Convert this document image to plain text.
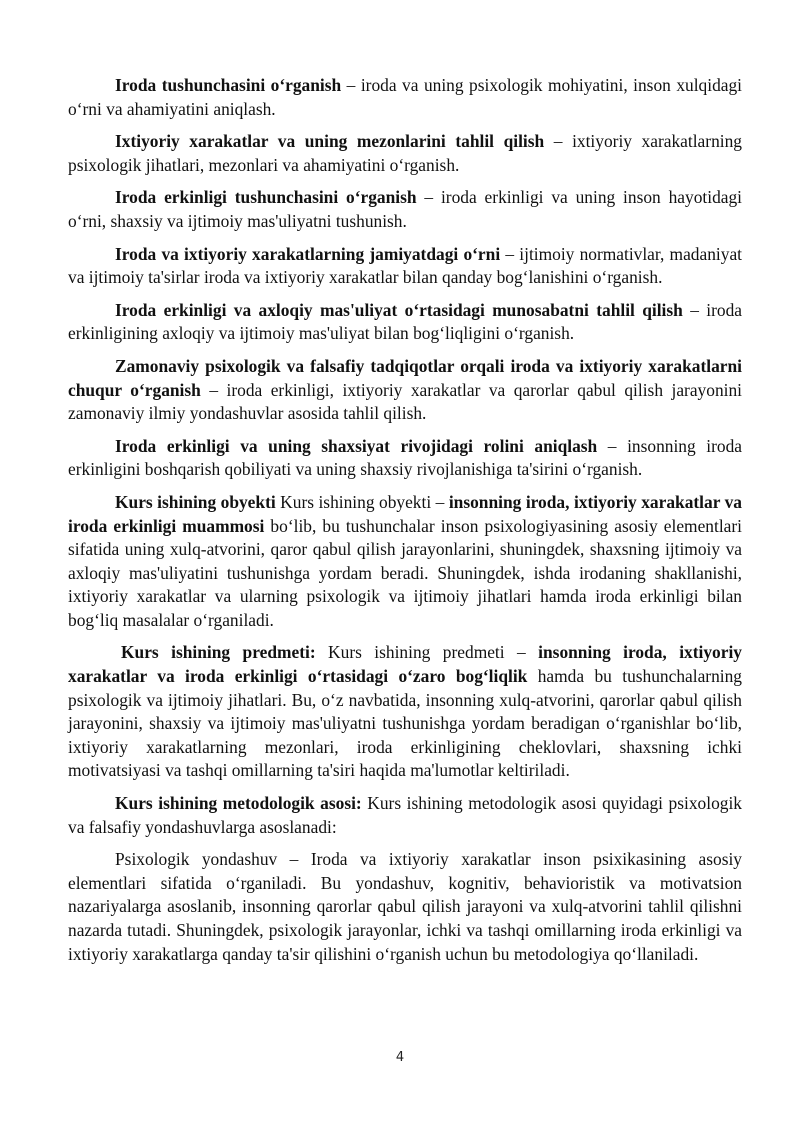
Iroda tushunchasini o‘rganish – iroda va uning psixologik mohiyatini, inson xulqidagi o‘rni va ahamiyatini aniqlash.

Ixtiyoriy xarakatlar va uning mezonlarini tahlil qilish – ixtiyoriy xarakatlarning psixologik jihatlari, mezonlari va ahamiyatini o‘rganish.

Iroda erkinligi tushunchasini o‘rganish – iroda erkinligi va uning inson hayotidagi o‘rni, shaxsiy va ijtimoiy mas'uliyatni tushunish.

Iroda va ixtiyoriy xarakatlarning jamiyatdagi o‘rni – ijtimoiy normativlar, madaniyat va ijtimoiy ta'sirlar iroda va ixtiyoriy xarakatlar bilan qanday bog‘lanishini o‘rganish.

Iroda erkinligi va axloqiy mas'uliyat o‘rtasidagi munosabatni tahlil qilish – iroda erkinligining axloqiy va ijtimoiy mas'uliyat bilan bog‘liqligini o‘rganish.

Zamonaviy psixologik va falsafiy tadqiqotlar orqali iroda va ixtiyoriy xarakatlarni chuqur o‘rganish – iroda erkinligi, ixtiyoriy xarakatlar va qarorlar qabul qilish jarayonini zamonaviy ilmiy yondashuvlar asosida tahlil qilish.

Iroda erkinligi va uning shaxsiyat rivojidagi rolini aniqlash – insonning iroda erkinligini boshqarish qobiliyati va uning shaxsiy rivojlanishiga ta'sirini o‘rganish.

Kurs ishining obyekti Kurs ishining obyekti – insonning iroda, ixtiyoriy xarakatlar va iroda erkinligi muammosi bo‘lib, bu tushunchalar inson psixologiyasining asosiy elementlari sifatida uning xulq-atvorini, qaror qabul qilish jarayonlarini, shuningdek, shaxsning ijtimoiy va axloqiy mas'uliyatini tushunishga yordam beradi. Shuningdek, ishda irodaning shakllanishi, ixtiyoriy xarakatlar va ularning psixologik va ijtimoiy jihatlari hamda iroda erkinligi bilan bog‘liq masalalar o‘rganiladi.

Kurs ishining predmeti: Kurs ishining predmeti – insonning iroda, ixtiyoriy xarakatlar va iroda erkinligi o‘rtasidagi o‘zaro bog‘liqlik hamda bu tushunchalarning psixologik va ijtimoiy jihatlari. Bu, o‘z navbatida, insonning xulq-atvorini, qarorlar qabul qilish jarayonini, shaxsiy va ijtimoiy mas'uliyatni tushunishga yordam beradigan o‘rganishlar bo‘lib, ixtiyoriy xarakatlarning mezonlari, iroda erkinligining cheklovlari, shaxsning ichki motivatsiyasi va tashqi omillarning ta'siri haqida ma'lumotlar keltiriladi.

Kurs ishining metodologik asosi: Kurs ishining metodologik asosi quyidagi psixologik va falsafiy yondashuvlarga asoslanadi:

Psixologik yondashuv – Iroda va ixtiyoriy xarakatlar inson psixikasining asosiy elementlari sifatida o‘rganiladi. Bu yondashuv, kognitiv, behavioristik va motivatsion nazariyalarga asoslanib, insonning qarorlar qabul qilish jarayoni va xulq-atvorini tahlil qilishni nazarda tutadi. Shuningdek, psixologik jarayonlar, ichki va tashqi omillarning iroda erkinligi va ixtiyoriy xarakatlarga qanday ta'sir qilishini o‘rganish uchun bu metodologiya qo‘llaniladi.

4
